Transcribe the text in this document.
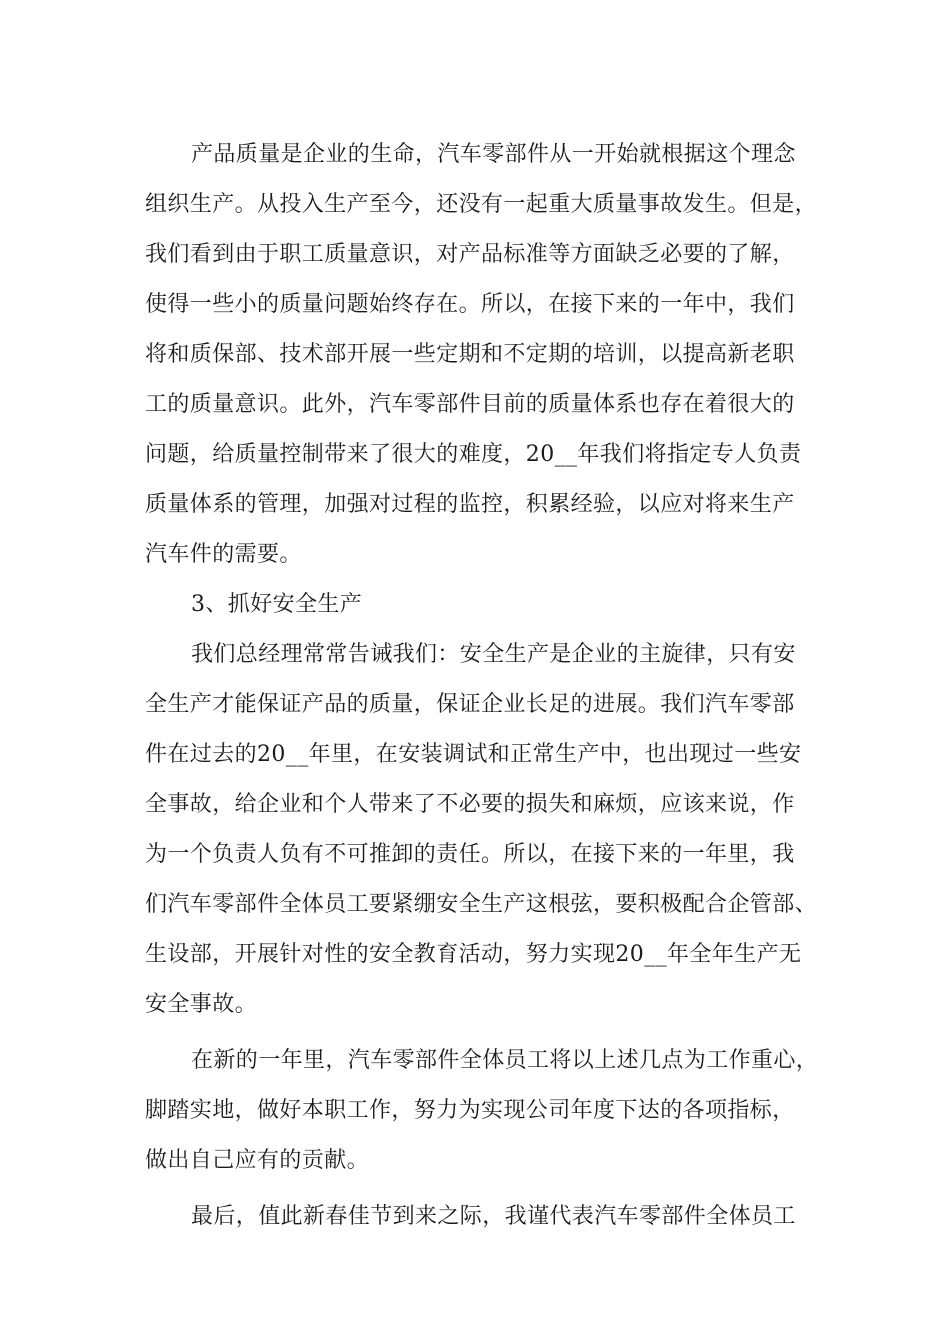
产品质量是企业的生命，汽车零部件从一开始就根据这个理念
组织生产。从投入生产至今，还没有一起重大质量事故发生。但是，
我们看到由于职工质量意识，对产品标准等方面缺乏必要的了解，
使得一些小的质量问题始终存在。所以，在接下来的一年中，我们
将和质保部、技术部开展一些定期和不定期的培训，以提高新老职
工的质量意识。此外，汽车零部件目前的质量体系也存在着很大的
问题，给质量控制带来了很大的难度，20__年我们将指定专人负责
质量体系的管理，加强对过程的监控，积累经验，以应对将来生产
汽车件的需要。
3、抓好安全生产
我们总经理常常告诫我们：安全生产是企业的主旋律，只有安
全生产才能保证产品的质量，保证企业长足的进展。我们汽车零部
件在过去的20__年里，在安装调试和正常生产中，也出现过一些安
全事故，给企业和个人带来了不必要的损失和麻烦，应该来说，作
为一个负责人负有不可推卸的责任。所以，在接下来的一年里，我
们汽车零部件全体员工要紧绷安全生产这根弦，要积极配合企管部、
生设部，开展针对性的安全教育活动，努力实现20__年全年生产无
安全事故。
在新的一年里，汽车零部件全体员工将以上述几点为工作重心，
脚踏实地，做好本职工作，努力为实现公司年度下达的各项指标，
做出自己应有的贡献。
最后，值此新春佳节到来之际，我谨代表汽车零部件全体员工
